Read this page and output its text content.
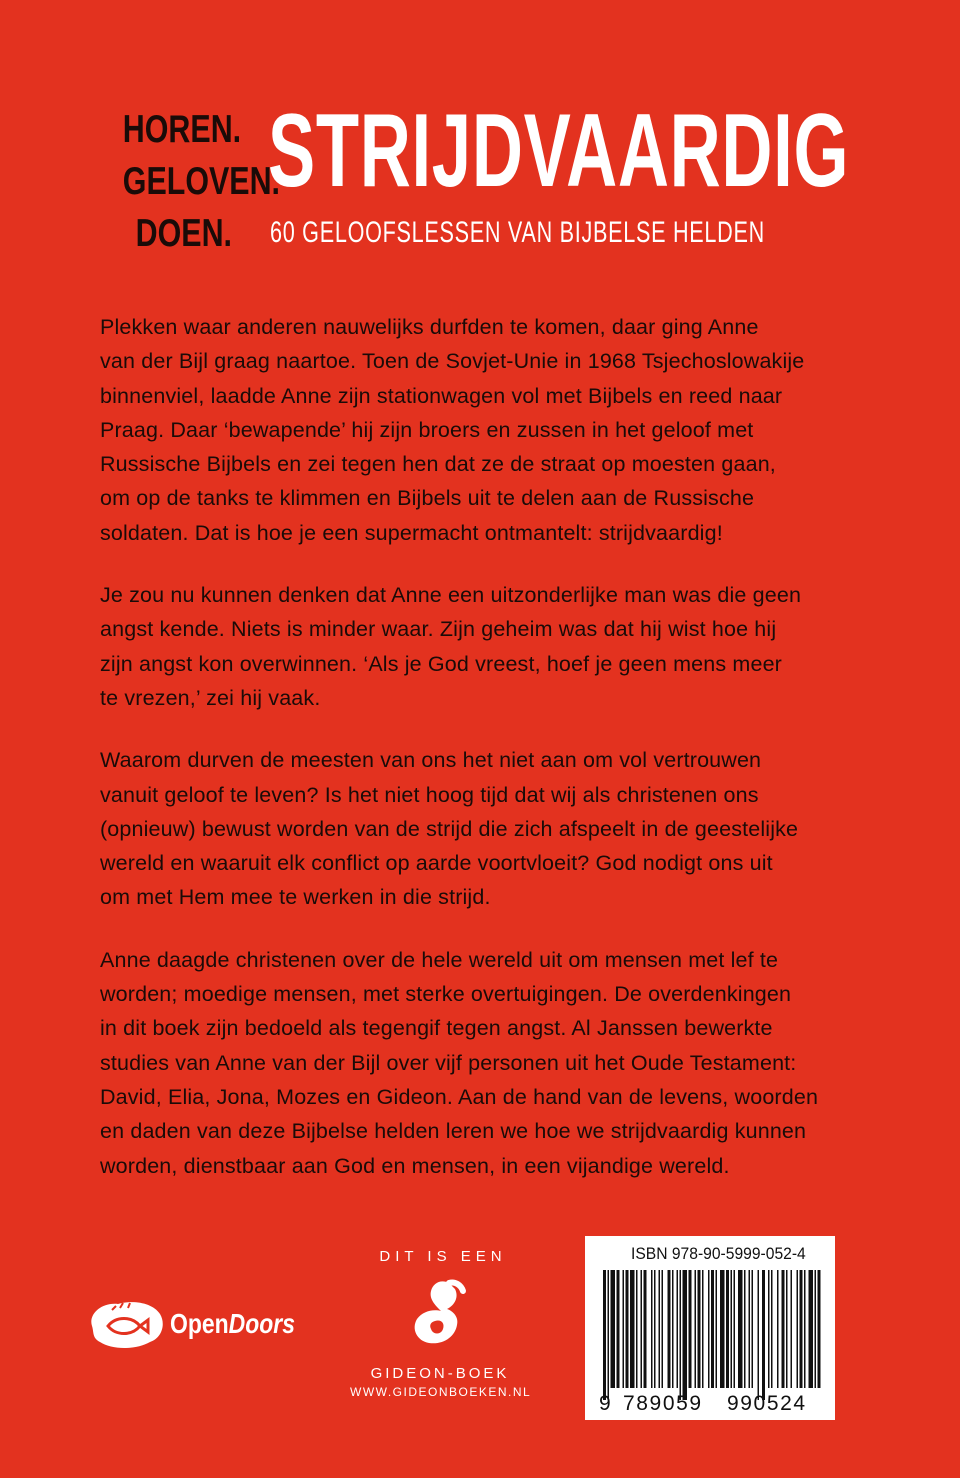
HOREN.
GELOVEN.
DOEN.
STRIJDVAARDIG
60 GELOOFSLESSEN VAN BIJBELSE HELDEN
Plekken waar anderen nauwelijks durfden te komen, daar ging Anne
van der Bijl graag naartoe. Toen de Sovjet-Unie in 1968 Tsjechoslowakije
binnenviel, laadde Anne zijn stationwagen vol met Bijbels en reed naar
Praag. Daar ‘bewapende’ hij zijn broers en zussen in het geloof met
Russische Bijbels en zei tegen hen dat ze de straat op moesten gaan,
om op de tanks te klimmen en Bijbels uit te delen aan de Russische
soldaten. Dat is hoe je een supermacht ontmantelt: strijdvaardig!
Je zou nu kunnen denken dat Anne een uitzonderlijke man was die geen
angst kende. Niets is minder waar. Zijn geheim was dat hij wist hoe hij
zijn angst kon overwinnen. ‘Als je God vreest, hoef je geen mens meer
te vrezen,’ zei hij vaak.
Waarom durven de meesten van ons het niet aan om vol vertrouwen
vanuit geloof te leven? Is het niet hoog tijd dat wij als christenen ons
(opnieuw) bewust worden van de strijd die zich afspeelt in de geestelijke
wereld en waaruit elk conflict op aarde voortvloeit? God nodigt ons uit
om met Hem mee te werken in die strijd.
Anne daagde christenen over de hele wereld uit om mensen met lef te
worden; moedige mensen, met sterke overtuigingen. De overdenkingen
in dit boek zijn bedoeld als tegengif tegen angst. Al Janssen bewerkte
studies van Anne van der Bijl over vijf personen uit het Oude Testament:
David, Elia, Jona, Mozes en Gideon. Aan de hand van de levens, woorden
en daden van deze Bijbelse helden leren we hoe we strijdvaardig kunnen
worden, dienstbaar aan God en mensen, in een vijandige wereld.
OpenDoors
DIT IS EEN
GIDEON-BOEK
WWW.GIDEONBOEKEN.NL
ISBN 978-90-5999-052-4
9 789059 990524
